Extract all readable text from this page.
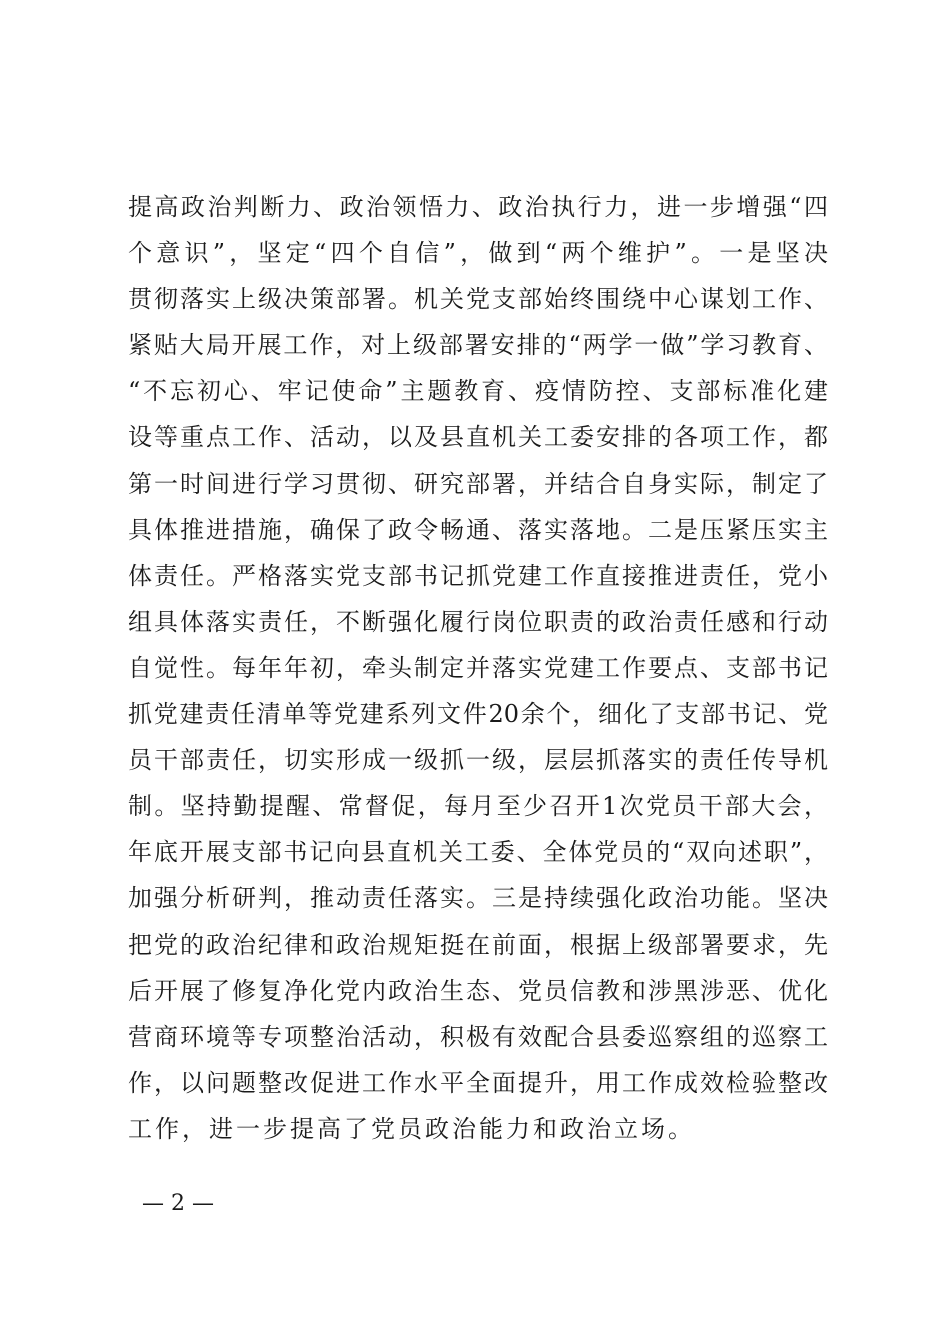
提高政治判断力、政治领悟力、政治执行力，进一步增强“四
个意识”，坚定“四个自信”，做到“两个维护”。一是坚决
贯彻落实上级决策部署。机关党支部始终围绕中心谋划工作、
紧贴大局开展工作，对上级部署安排的“两学一做”学习教育、
“不忘初心、牢记使命”主题教育、疫情防控、支部标准化建
设等重点工作、活动，以及县直机关工委安排的各项工作，都
第一时间进行学习贯彻、研究部署，并结合自身实际，制定了
具体推进措施，确保了政令畅通、落实落地。二是压紧压实主
体责任。严格落实党支部书记抓党建工作直接推进责任，党小
组具体落实责任，不断强化履行岗位职责的政治责任感和行动
自觉性。每年年初，牵头制定并落实党建工作要点、支部书记
抓党建责任清单等党建系列文件20余个，细化了支部书记、党
员干部责任，切实形成一级抓一级，层层抓落实的责任传导机
制。坚持勤提醒、常督促，每月至少召开1次党员干部大会，
年底开展支部书记向县直机关工委、全体党员的“双向述职”，
加强分析研判，推动责任落实。三是持续强化政治功能。坚决
把党的政治纪律和政治规矩挺在前面，根据上级部署要求，先
后开展了修复净化党内政治生态、党员信教和涉黑涉恶、优化
营商环境等专项整治活动，积极有效配合县委巡察组的巡察工
作，以问题整改促进工作水平全面提升，用工作成效检验整改
工作，进一步提高了党员政治能力和政治立场。
— 2 —
